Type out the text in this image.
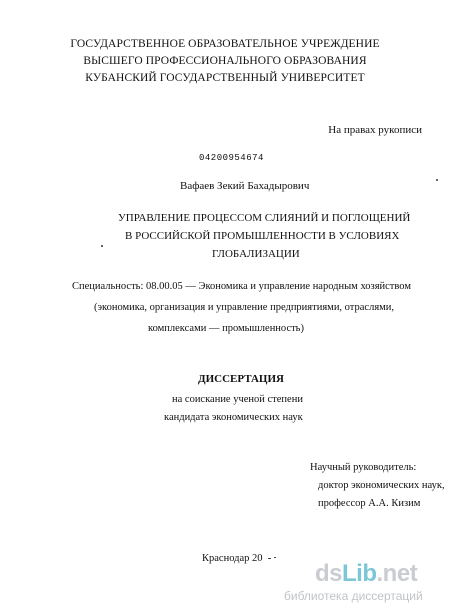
ГОСУДАРСТВЕННОЕ ОБРАЗОВАТЕЛЬНОЕ УЧРЕЖДЕНИЕ
ВЫСШЕГО ПРОФЕССИОНАЛЬНОГО ОБРАЗОВАНИЯ
КУБАНСКИЙ ГОСУДАРСТВЕННЫЙ УНИВЕРСИТЕТ
На правах рукописи
04200954674
Вафаев Зекий Бахадырович
УПРАВЛЕНИЕ ПРОЦЕССОМ СЛИЯНИЙ И ПОГЛОЩЕНИЙ
В РОССИЙСКОЙ ПРОМЫШЛЕННОСТИ В УСЛОВИЯХ
ГЛОБАЛИЗАЦИИ
Специальность: 08.00.05 — Экономика и управление народным хозяйством
(экономика, организация и управление предприятиями, отраслями,
комплексами — промышленность)
ДИССЕРТАЦИЯ
на соискание ученой степени
кандидата экономических наук
Научный руководитель:
доктор экономических наук,
профессор А.А. Кизим
Краснодар 20
dsLib.net
библиотека диссертаций
